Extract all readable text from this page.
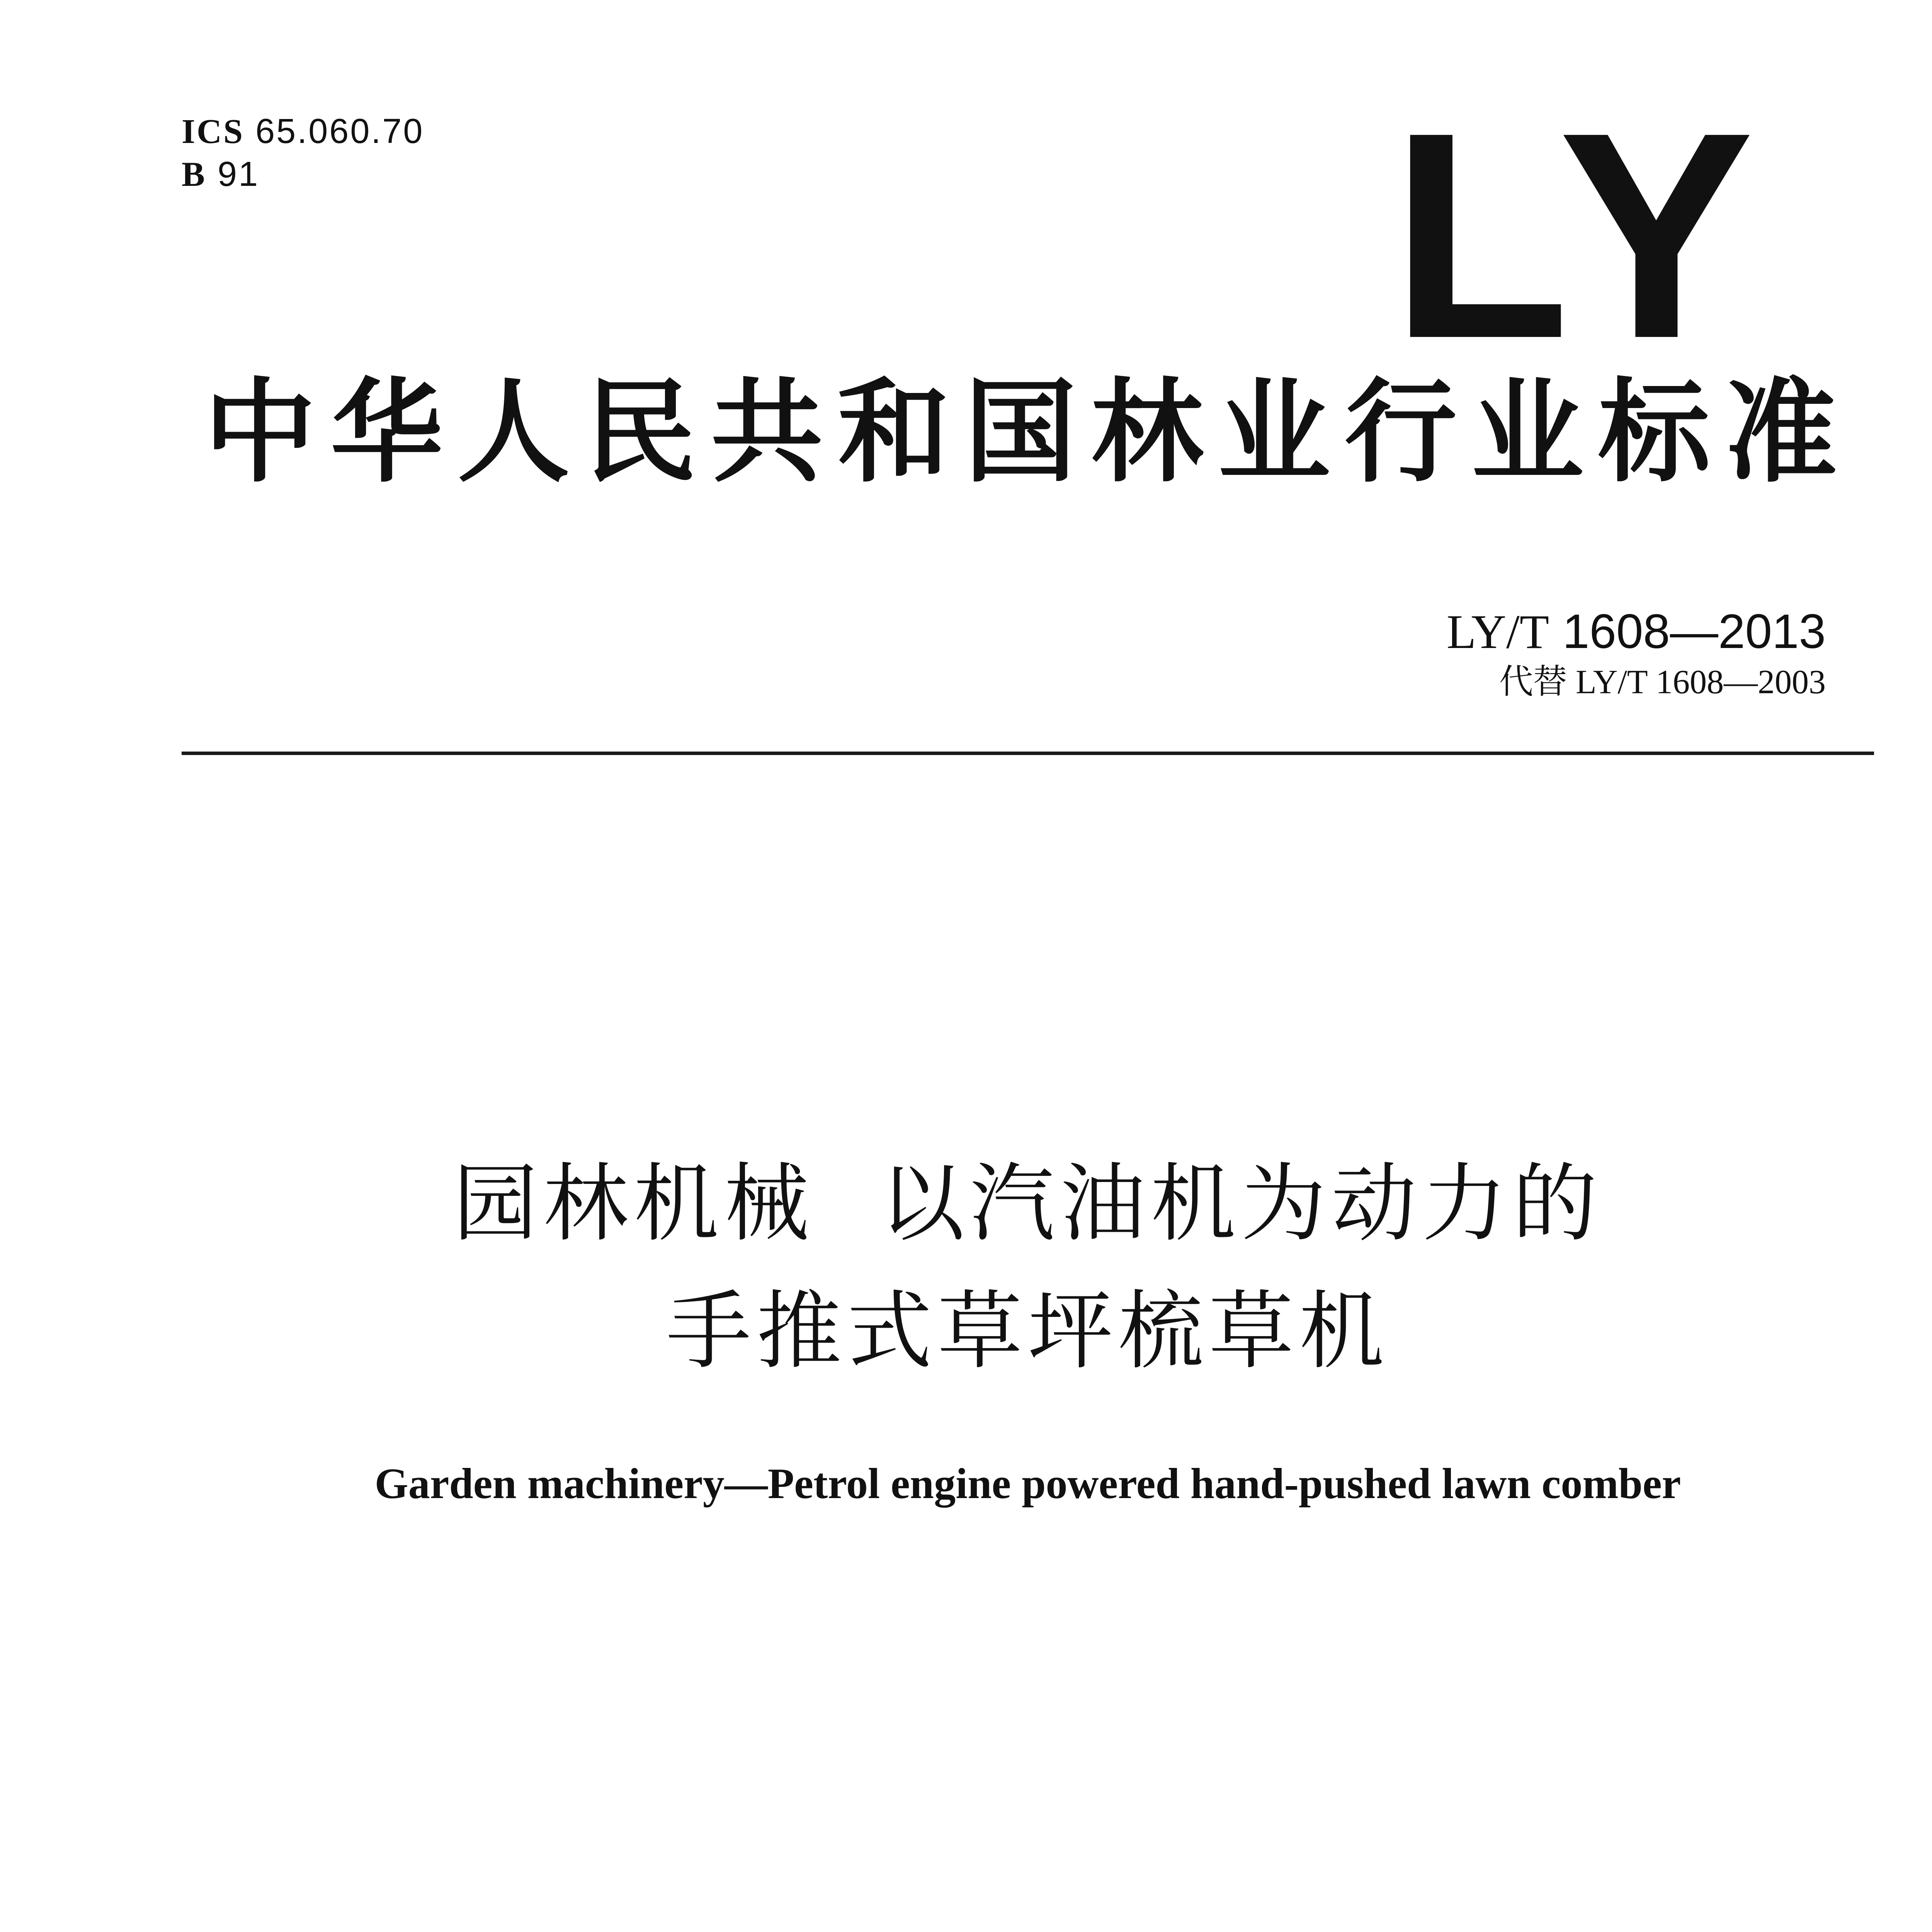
ICS 65.060.70
B 91	LY
中华人民共和国林业行业标准
LY/T 1608—2013
代替 LY/T 1608—2003
园林机械  以汽油机为动力的
手推式草坪梳草机
Garden machinery—Petrol engine powered hand-pushed lawn comber
